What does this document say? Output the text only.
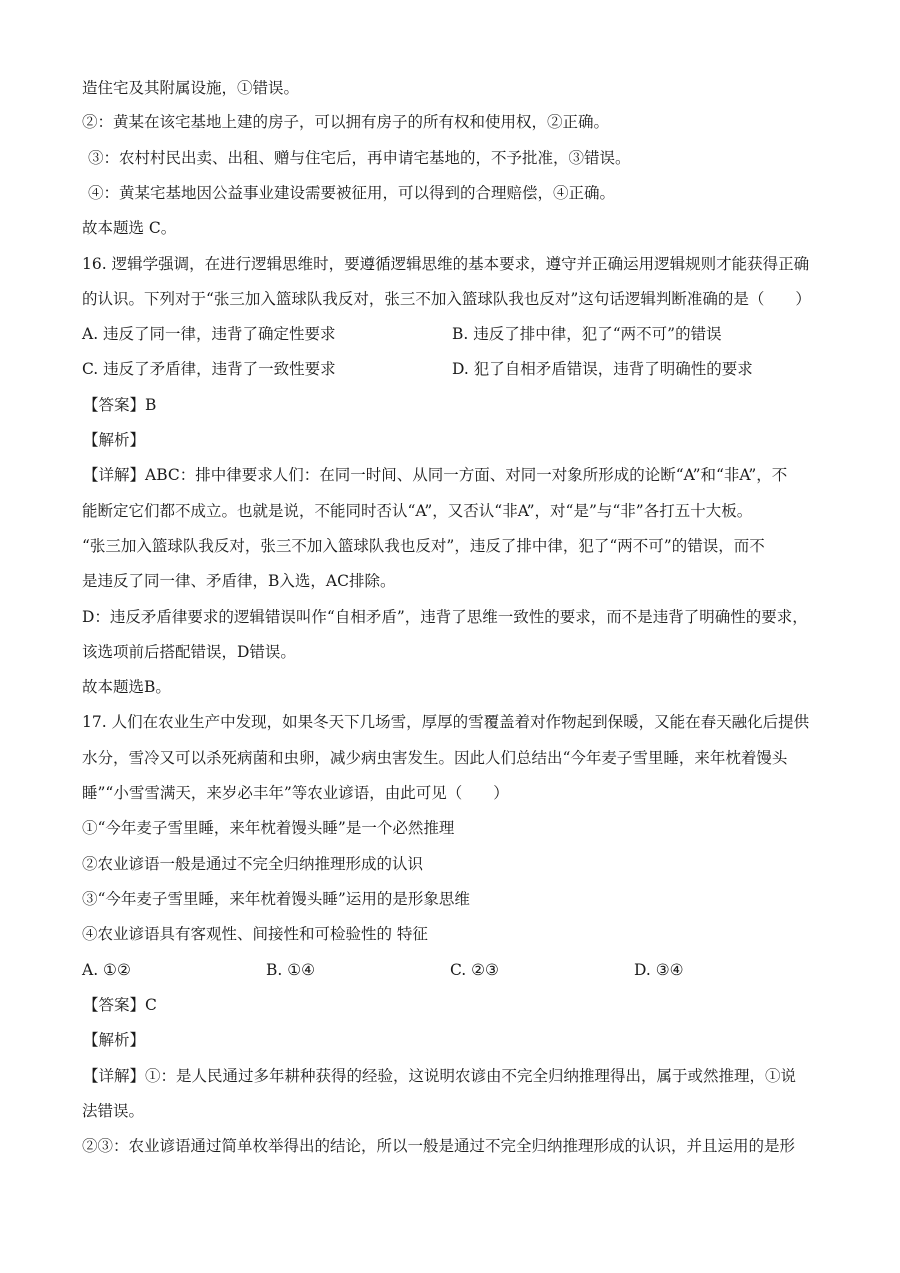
造住宅及其附属设施，①错误。
②：黄某在该宅基地上建的房子，可以拥有房子的所有权和使用权，②正确。
③：农村村民出卖、出租、赠与住宅后，再申请宅基地的，不予批准，③错误。
④：黄某宅基地因公益事业建设需要被征用，可以得到的合理赔偿，④正确。
故本题选 C。
16. 逻辑学强调，在进行逻辑思维时，要遵循逻辑思维的基本要求，遵守并正确运用逻辑规则才能获得正确
的认识。下列对于“张三加入篮球队我反对，张三不加入篮球队我也反对”这句话逻辑判断准确的是（　　）
A. 违反了同一律，违背了确定性要求	B. 违反了排中律，犯了“两不可”的错误
C. 违反了矛盾律，违背了一致性要求	D. 犯了自相矛盾错误，违背了明确性的要求
【答案】B
【解析】
【详解】ABC：排中律要求人们：在同一时间、从同一方面、对同一对象所形成的论断“A”和“非A”，不
能断定它们都不成立。也就是说，不能同时否认“A”，又否认“非A”，对“是”与“非”各打五十大板。
“张三加入篮球队我反对，张三不加入篮球队我也反对”，违反了排中律，犯了“两不可”的错误，而不
是违反了同一律、矛盾律，B入选，AC排除。
D：违反矛盾律要求的逻辑错误叫作“自相矛盾”，违背了思维一致性的要求，而不是违背了明确性的要求，
该选项前后搭配错误，D错误。
故本题选B。
17. 人们在农业生产中发现，如果冬天下几场雪，厚厚的雪覆盖着对作物起到保暖，又能在春天融化后提供
水分，雪冷又可以杀死病菌和虫卵，减少病虫害发生。因此人们总结出“今年麦子雪里睡，来年枕着馒头
睡”“小雪雪满天，来岁必丰年”等农业谚语，由此可见（　　）
①“今年麦子雪里睡，来年枕着馒头睡”是一个必然推理
②农业谚语一般是通过不完全归纳推理形成的认识
③“今年麦子雪里睡，来年枕着馒头睡”运用的是形象思维
④农业谚语具有客观性、间接性和可检验性的 特征
A. ①②	B. ①④	C. ②③	D. ③④
【答案】C
【解析】
【详解】①：是人民通过多年耕种获得的经验，这说明农谚由不完全归纳推理得出，属于或然推理，①说
法错误。
②③：农业谚语通过简单枚举得出的结论，所以一般是通过不完全归纳推理形成的认识，并且运用的是形
